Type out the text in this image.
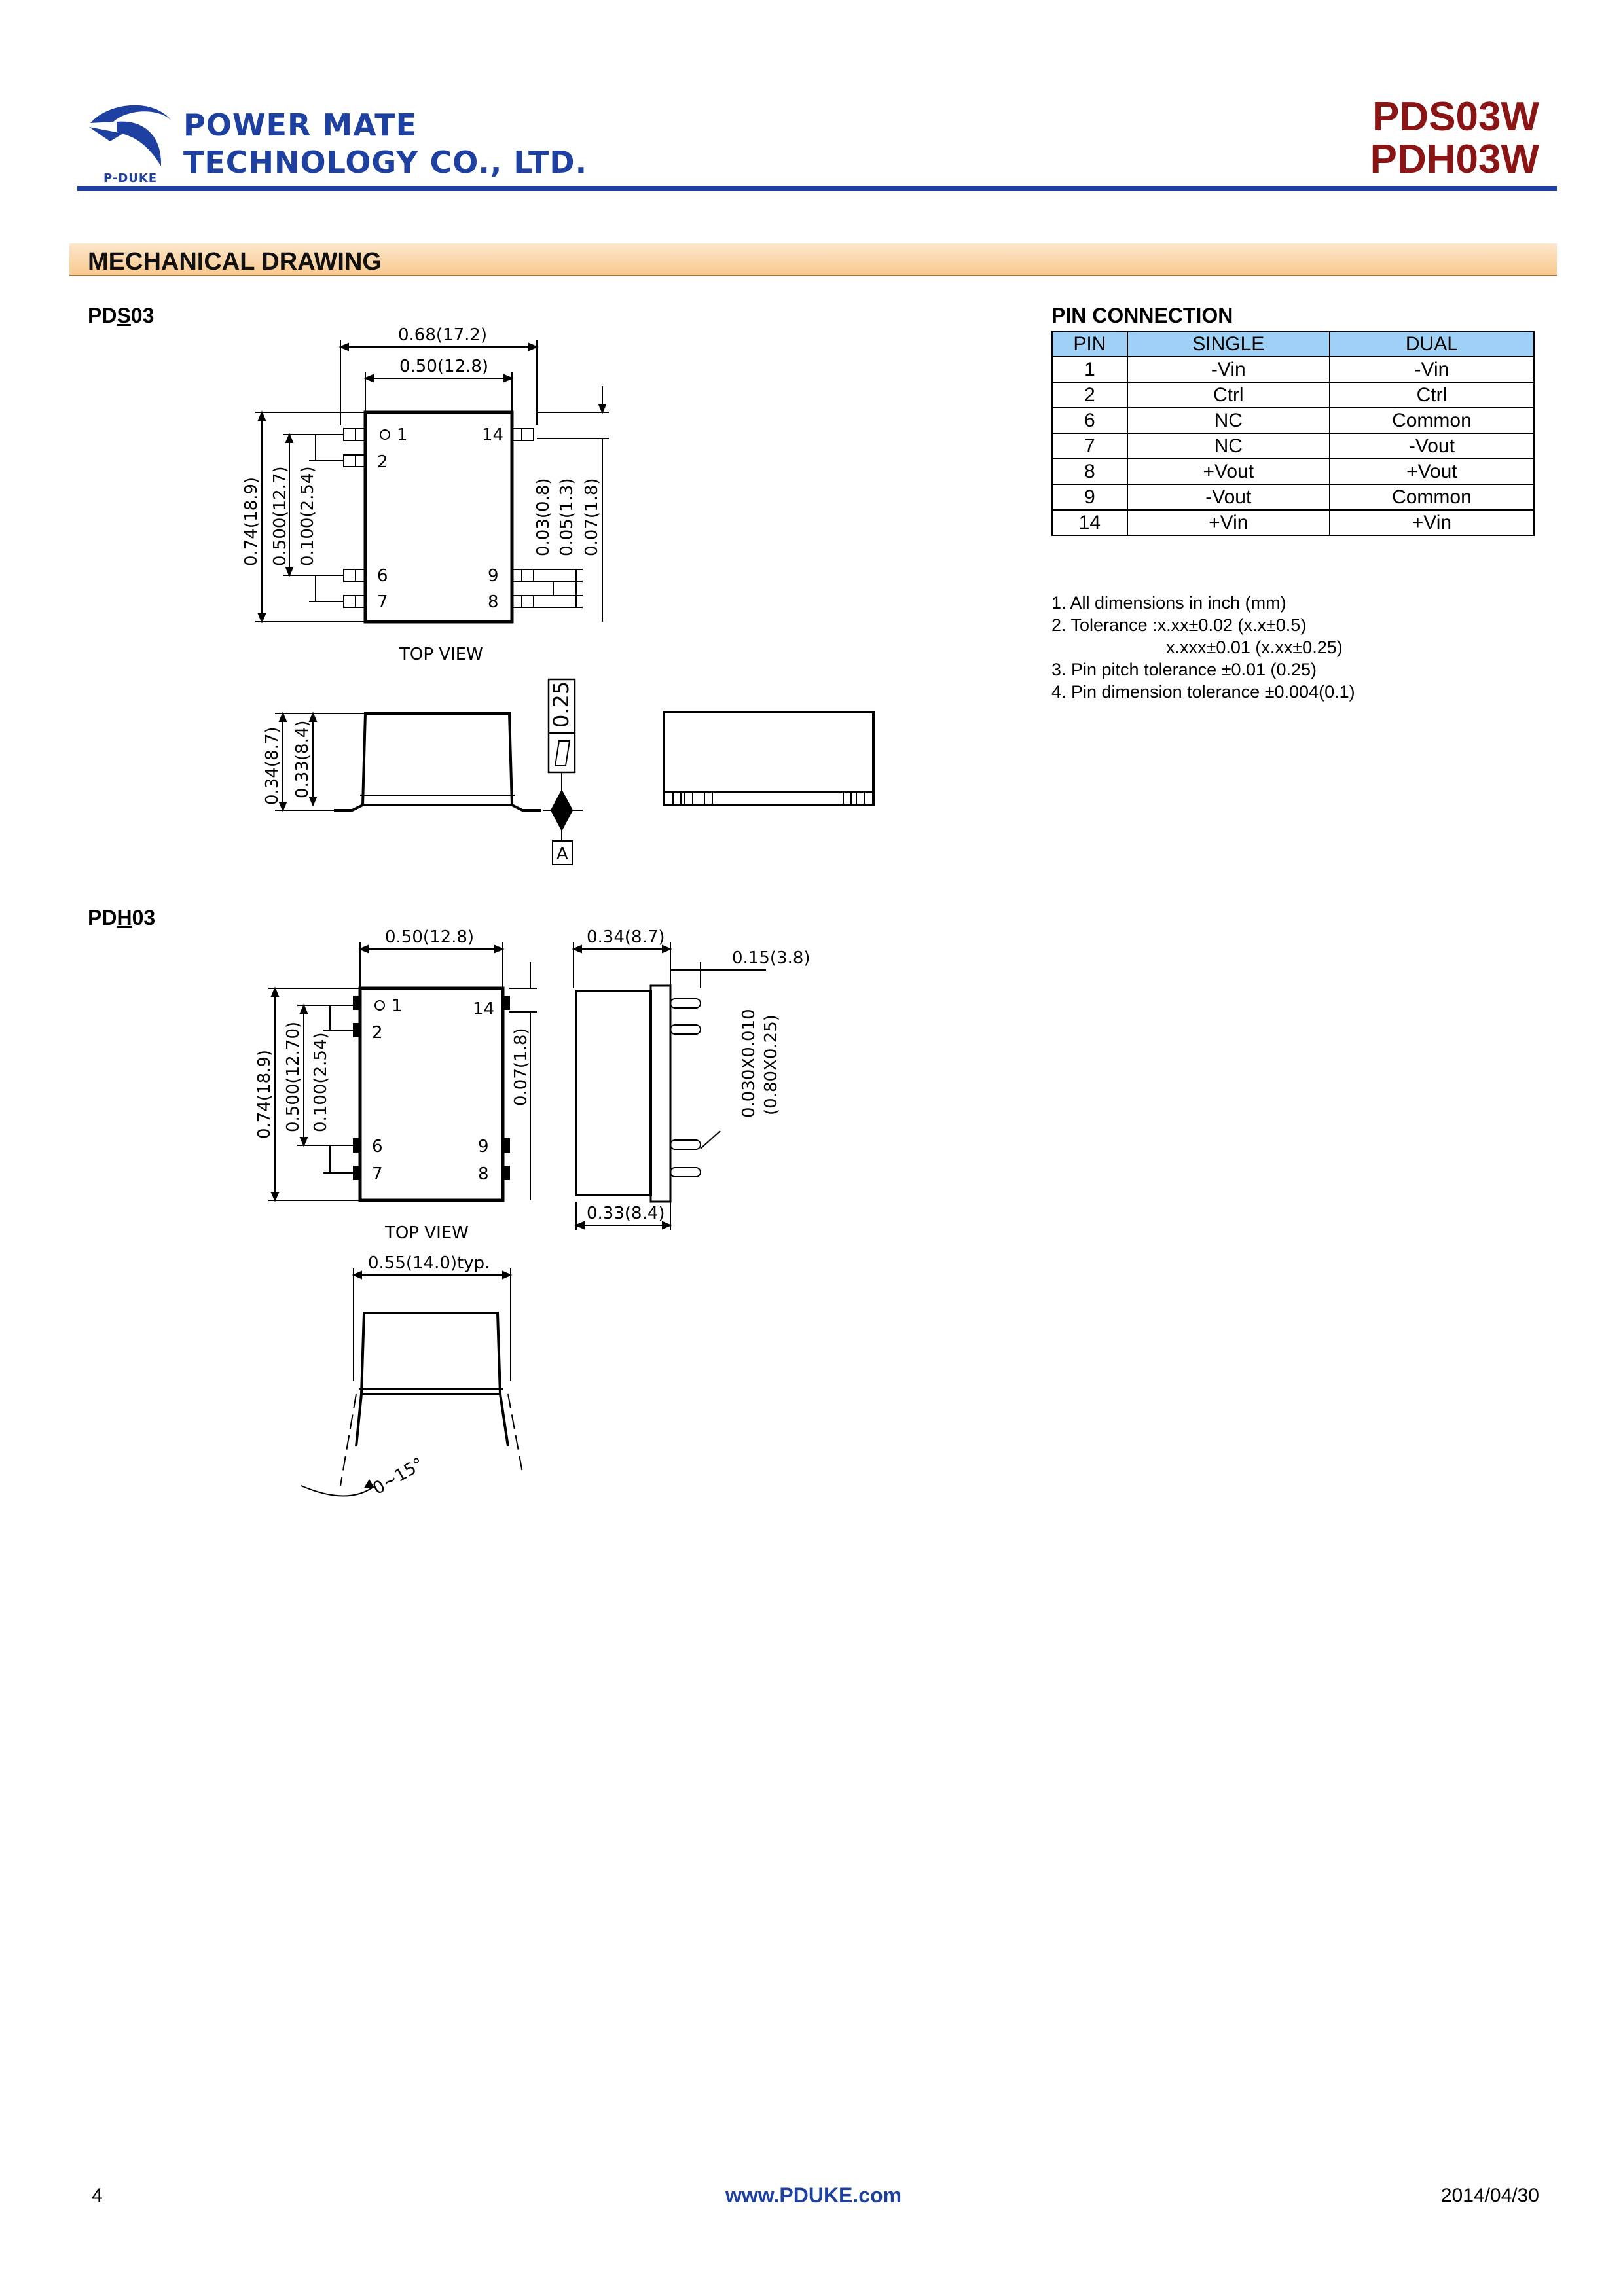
POWER MATE
TECHNOLOGY CO., LTD.
P-DUKE
PDS03W
PDH03W
MECHANICAL DRAWING
PDS03
0.68(17.2)
0.50(12.8)
1
2
6
7
14
9
8
0.74(18.9) 0.500(12.7) 0.100(2.54)	0.03(0.8) 0.05(1.3) 0.07(1.8)
TOP VIEW
0.34(8.7) 0.33(8.4)
0.25
A
PDH03
0.50(12.8)
1
2
6
7
14
9
8
0.74(18.9) 0.500(12.70) 0.100(2.54)	0.07(1.8)
0.34(8.7)
0.15(3.8)
0.030X0.010 (0.80X0.25)
0.33(8.4)
TOP VIEW
0.55(14.0)typ.
0~15°
PIN CONNECTION
PIN	SINGLE	DUAL
1	-Vin	-Vin
2	Ctrl	Ctrl
6	NC	Common
7	NC	-Vout
8	+Vout	+Vout
9	-Vout	Common
14	+Vin	+Vin
1. All dimensions in inch (mm)
2. Tolerance :x.xx±0.02 (x.x±0.5)
x.xxx±0.01 (x.xx±0.25)
3. Pin pitch tolerance ±0.01 (0.25)
4. Pin dimension tolerance ±0.004(0.1)
4	www.PDUKE.com	2014/04/30
